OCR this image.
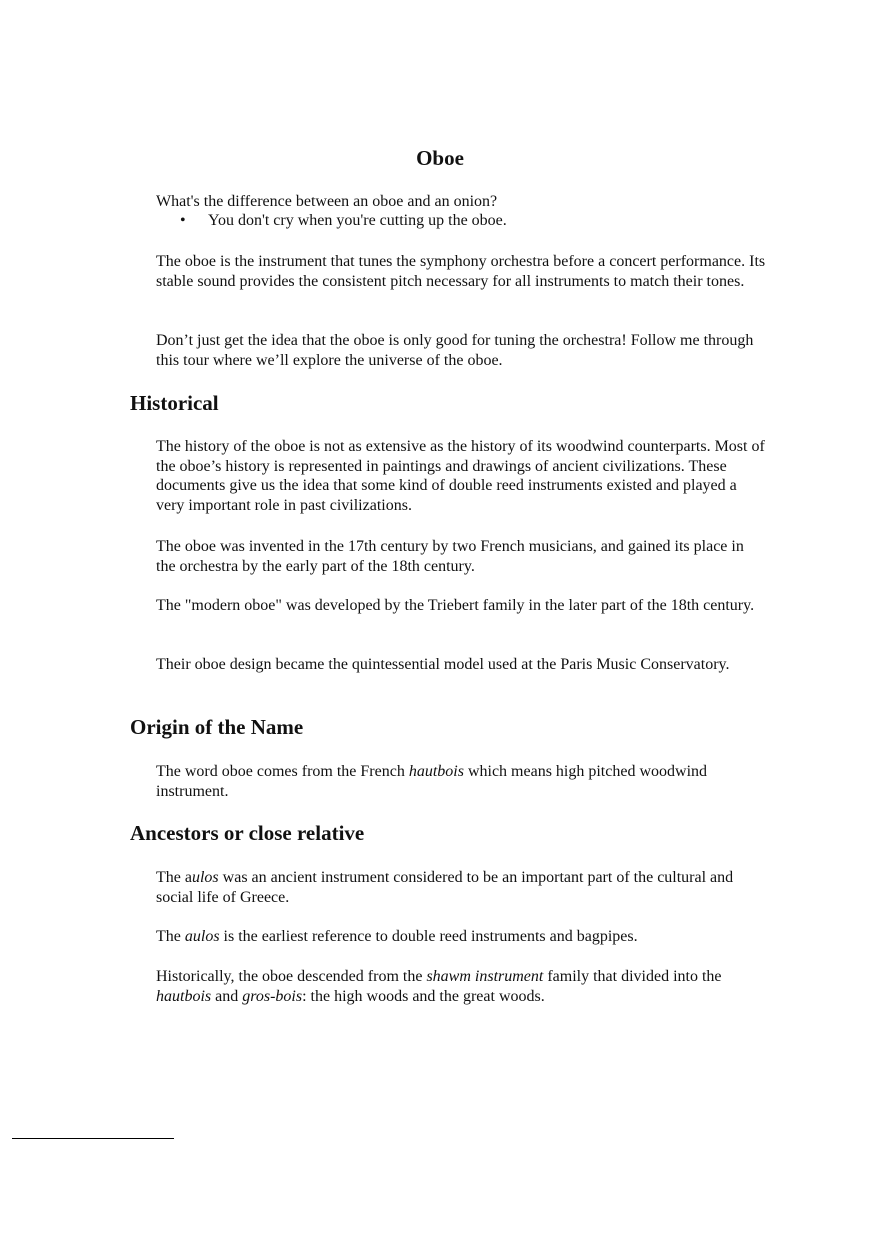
Oboe

What's the difference between an oboe and an onion?

• You don't cry when you're cutting up the oboe.

The oboe is the instrument that tunes the symphony orchestra before a concert performance. Its stable sound provides the consistent pitch necessary for all instruments to match their tones.

Don’t just get the idea that the oboe is only good for tuning the orchestra! Follow me through this tour where we’ll explore the universe of the oboe.

Historical

The history of the oboe is not as extensive as the history of its woodwind counterparts. Most of the oboe’s history is represented in paintings and drawings of ancient civilizations. These documents give us the idea that some kind of double reed instruments existed and played a very important role in past civilizations.

The oboe was invented in the 17th century by two French musicians, and gained its place in the orchestra by the early part of the 18th century.

The "modern oboe" was developed by the Triebert family in the later part of the 18th century.

Their oboe design became the quintessential model used at the Paris Music Conservatory.

Origin of the Name

The word oboe comes from the French hautbois which means high pitched woodwind instrument.

Ancestors or close relative

The aulos was an ancient instrument considered to be an important part of the cultural and social life of Greece.

The aulos is the earliest reference to double reed instruments and bagpipes.

Historically, the oboe descended from the shawm instrument family that divided into the hautbois and gros-bois: the high woods and the great woods.
